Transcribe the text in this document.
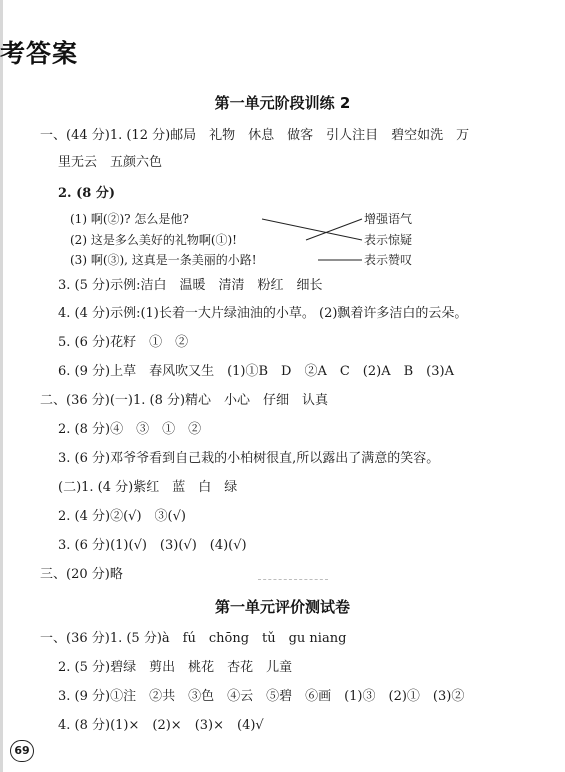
考答案
第一单元阶段训练 2
一、(44 分)1. (12 分)邮局　礼物　休息　做客　引人注目　碧空如洗　万
里无云　五颜六色
2. (8 分)
(1) 啊(②)? 怎么是他?
(2) 这是多么美好的礼物啊(①)!
(3) 啊(③), 这真是一条美丽的小路!
增强语气
表示惊疑
表示赞叹
3. (5 分)示例:洁白　温暖　清清　粉红　细长
4. (4 分)示例:(1)长着一大片绿油油的小草。 (2)飘着许多洁白的云朵。
5. (6 分)花籽　①　②
6. (9 分)上草　春风吹又生　(1)①B　D　②A　C　(2)A　B　(3)A
二、(36 分)(一)1. (8 分)精心　小心　仔细　认真
2. (8 分)④　③　①　②
3. (6 分)邓爷爷看到自己栽的小柏树很直,所以露出了满意的笑容。
(二)1. (4 分)紫红　蓝　白　绿
2. (4 分)②(√)　③(√)
3. (6 分)(1)(√)　(3)(√)　(4)(√)
三、(20 分)略
第一单元评价测试卷
一、(36 分)1. (5 分)à　fú　chōng　tǔ　gu niang
2. (5 分)碧绿　剪出　桃花　杏花　儿童
3. (9 分)①注　②共　③色　④云　⑤碧　⑥画　(1)③　(2)①　(3)②
4. (8 分)(1)×　(2)×　(3)×　(4)√
69
